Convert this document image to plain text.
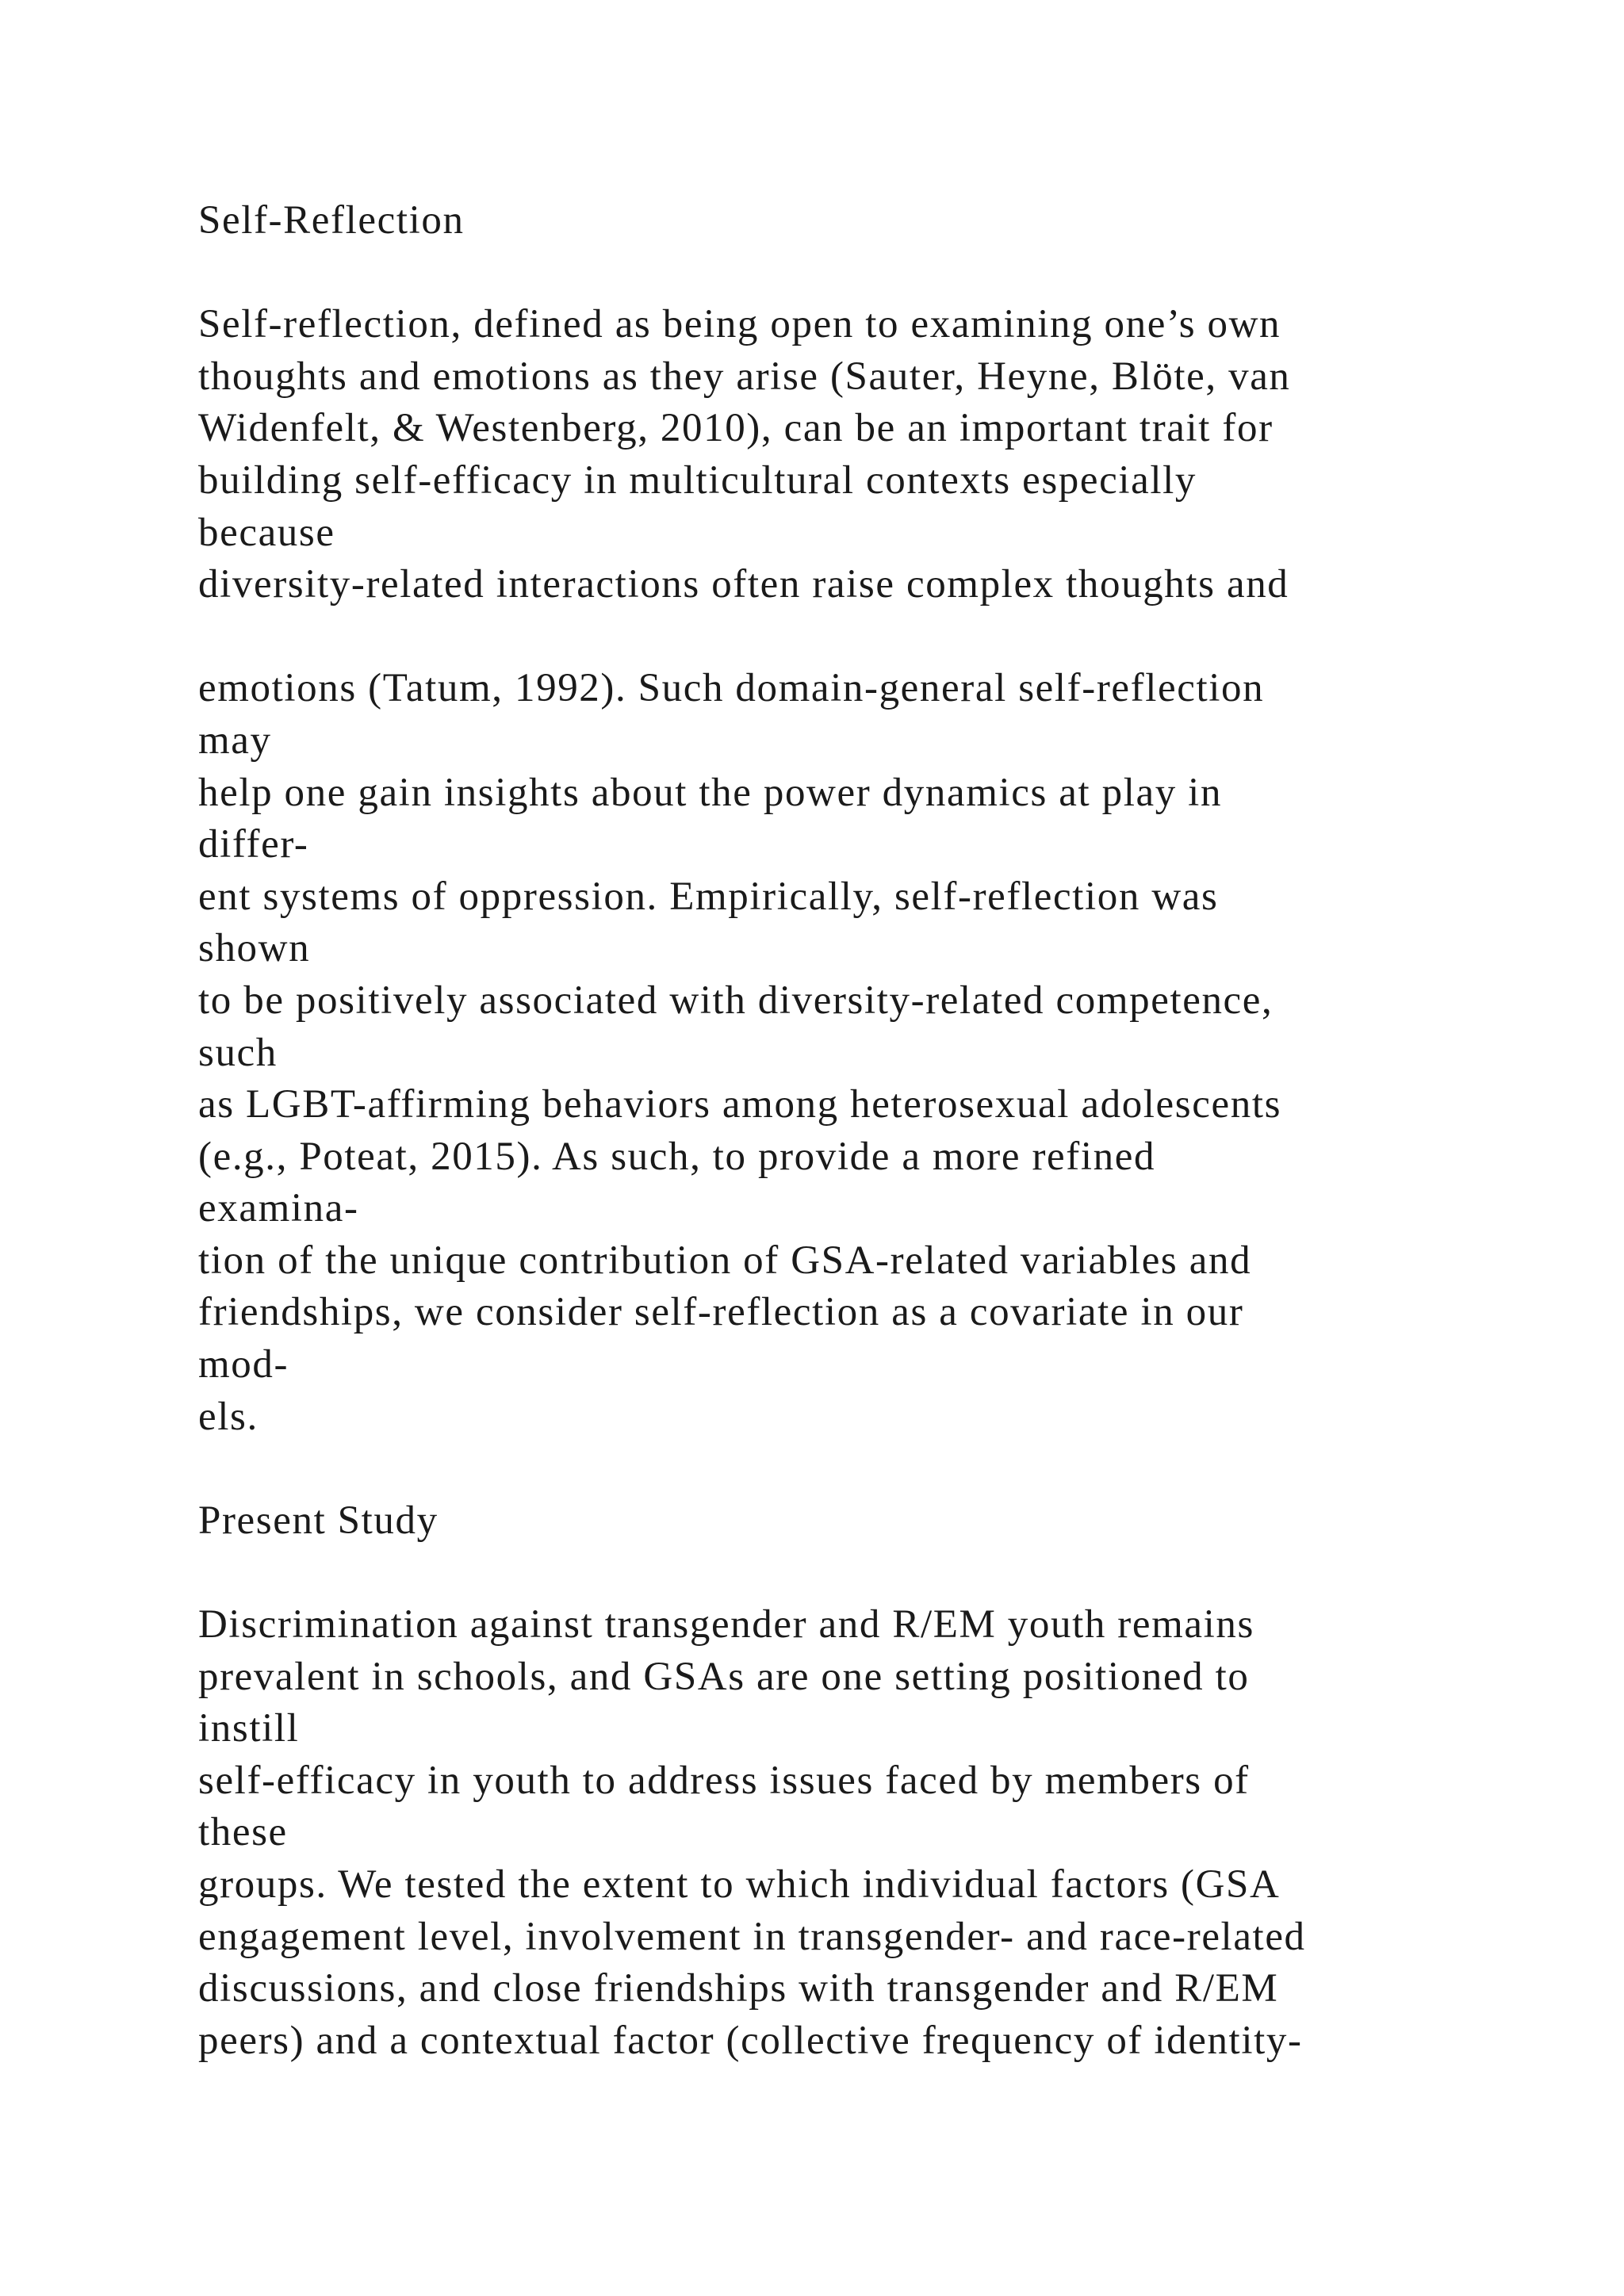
Self-Reflection
Self-reflection, defined as being open to examining one’s own
thoughts and emotions as they arise (Sauter, Heyne, Blöte, van
Widenfelt, & Westenberg, 2010), can be an important trait for
building self-efficacy in multicultural contexts especially
because
diversity-related interactions often raise complex thoughts and
emotions (Tatum, 1992). Such domain-general self-reflection
may
help one gain insights about the power dynamics at play in
differ-
ent systems of oppression. Empirically, self-reflection was
shown
to be positively associated with diversity-related competence,
such
as LGBT-affirming behaviors among heterosexual adolescents
(e.g., Poteat, 2015). As such, to provide a more refined
examina-
tion of the unique contribution of GSA-related variables and
friendships, we consider self-reflection as a covariate in our
mod-
els.
Present Study
Discrimination against transgender and R/EM youth remains
prevalent in schools, and GSAs are one setting positioned to
instill
self-efficacy in youth to address issues faced by members of
these
groups. We tested the extent to which individual factors (GSA
engagement level, involvement in transgender- and race-related
discussions, and close friendships with transgender and R/EM
peers) and a contextual factor (collective frequency of identity-
